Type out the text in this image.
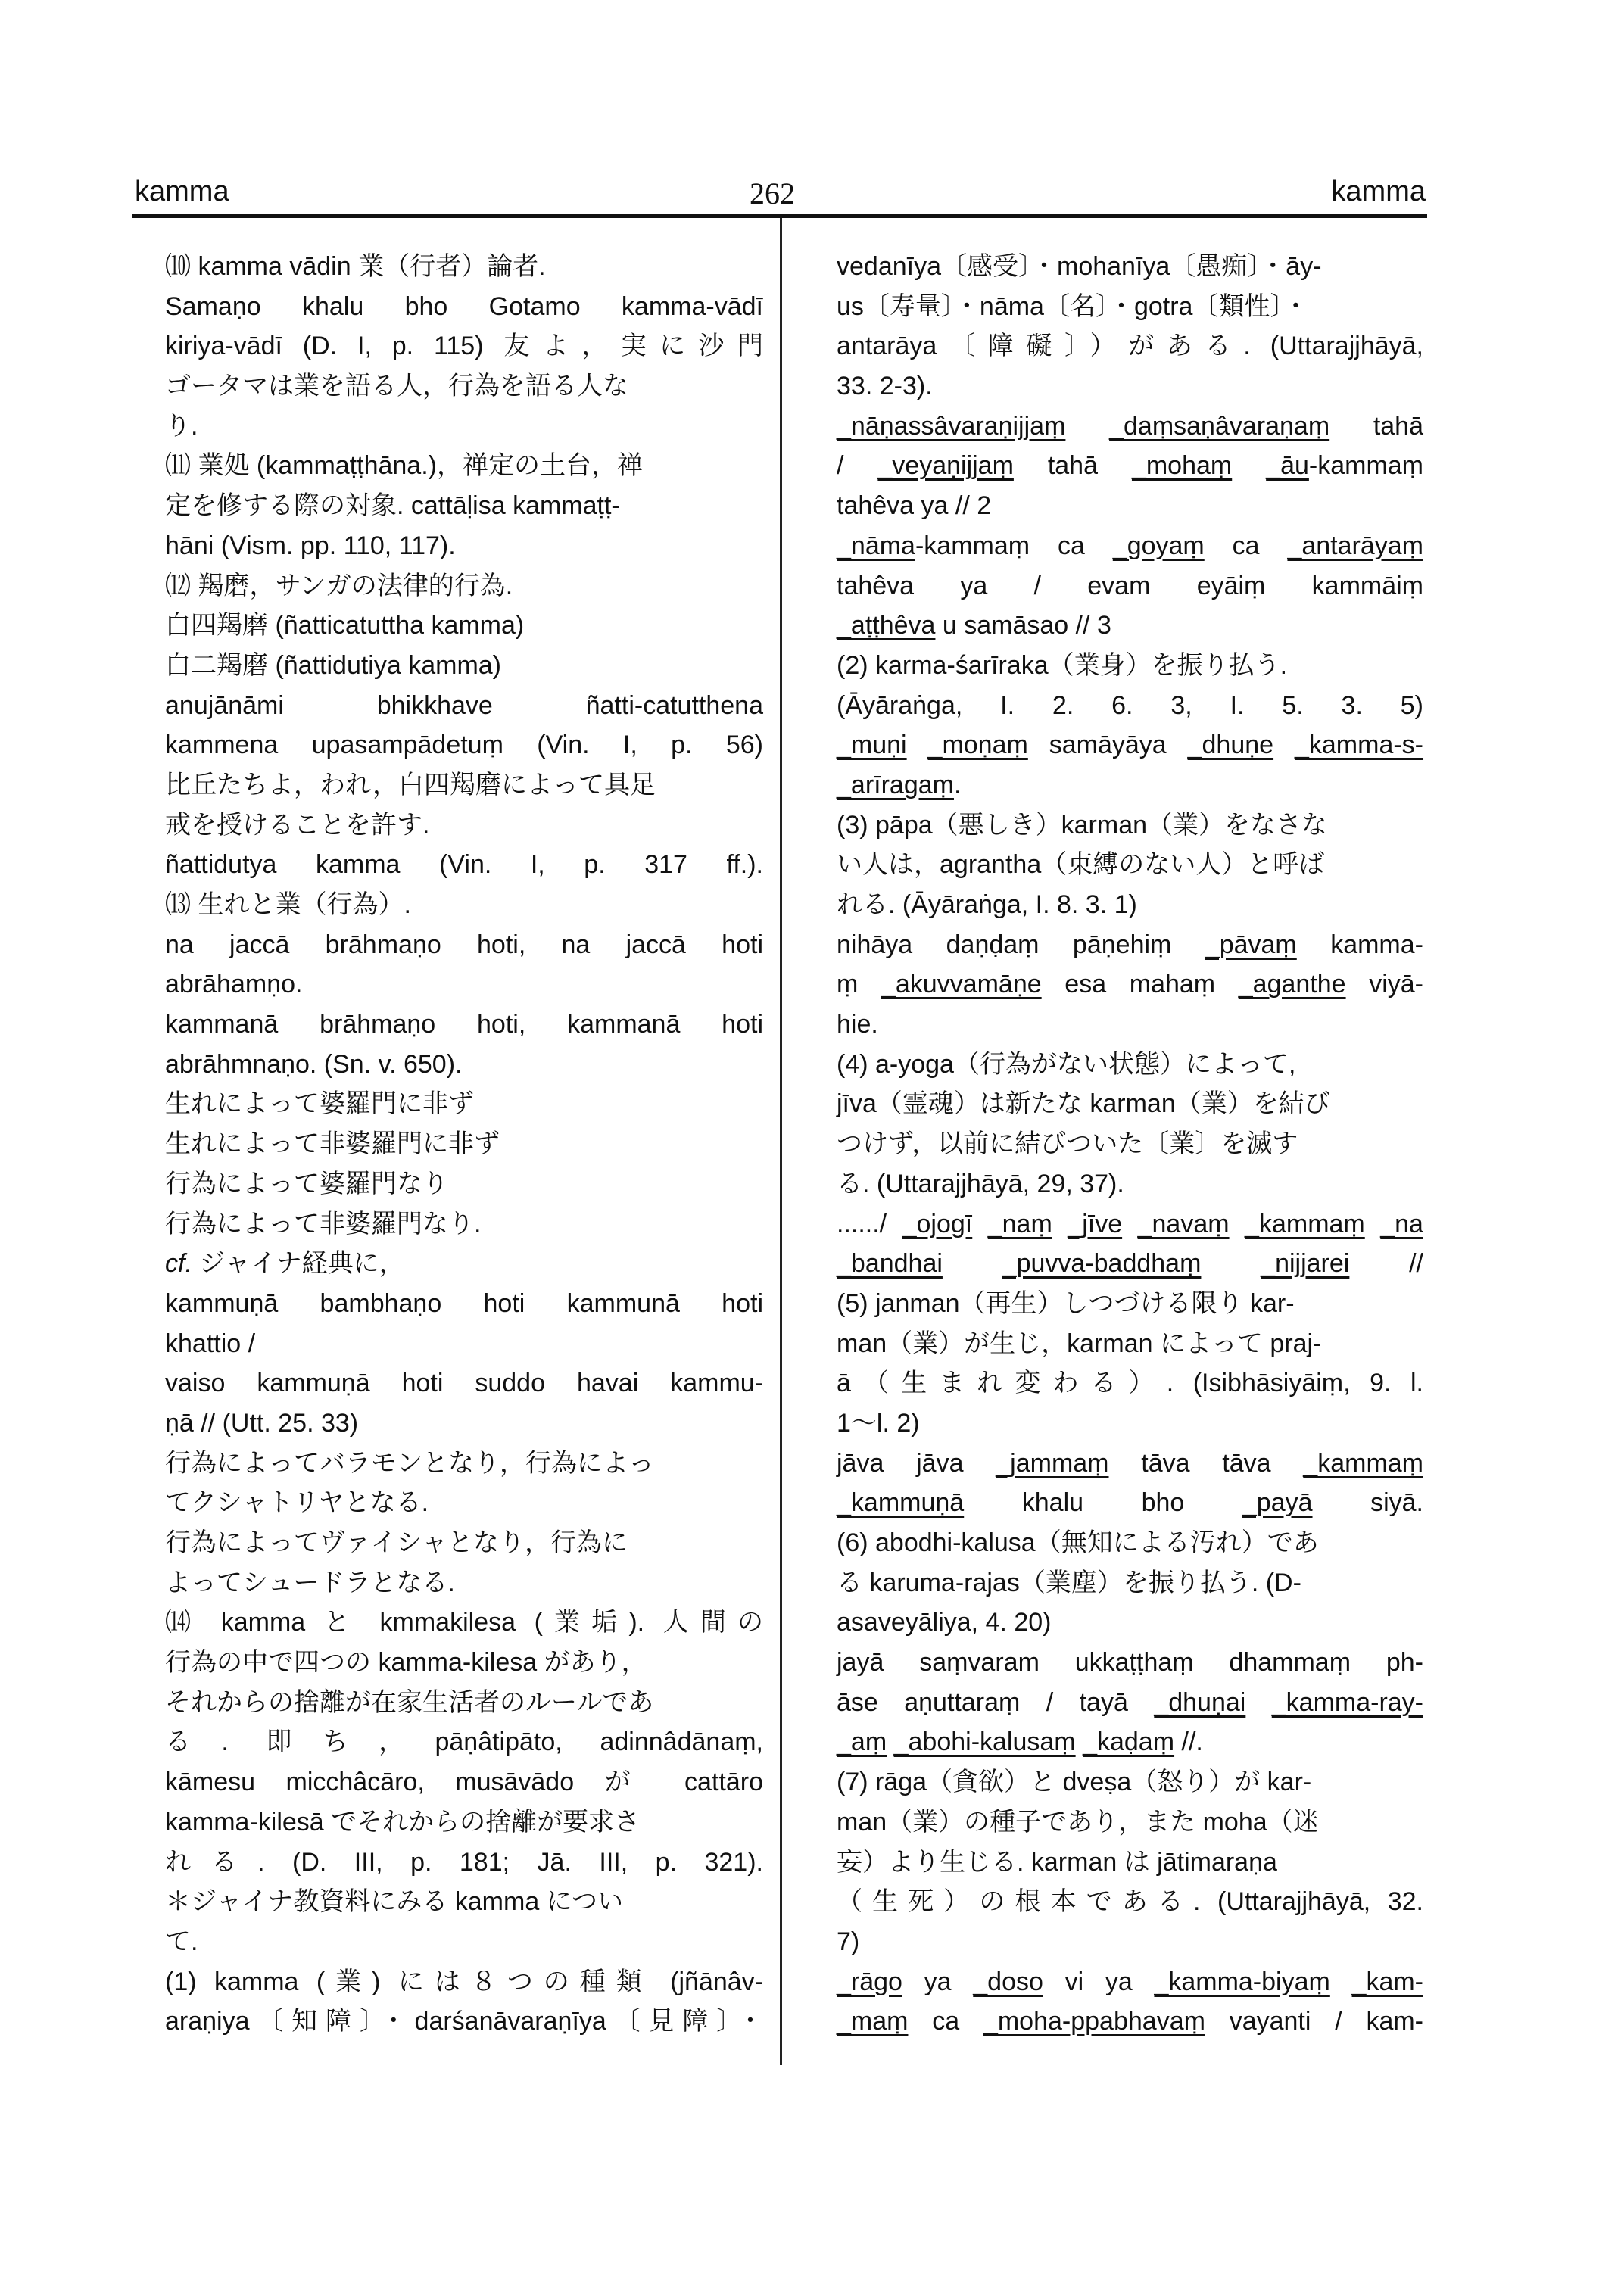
kamma	262	kamma
⑽ kamma vādin 業（行者）論者.
Samaṇo khalu bho Gotamo kamma-vādī
kiriya-vādī (D. I, p. 115) 友よ，実に沙門
ゴータマは業を語る人，行為を語る人な
り.
⑾ 業処 (kammaṭṭhāna.)，禅定の土台，禅
定を修する際の対象. cattāḷisa kammaṭṭ-
hāni (Vism. pp. 110, 117).
⑿ 羯磨，サンガの法律的行為.
白四羯磨 (ñatticatuttha kamma)
白二羯磨 (ñattidutiya kamma)
anujānāmi bhikkhave ñatti-catutthena
kammena upasampādetuṃ (Vin. I, p. 56)
比丘たちよ，われ，白四羯磨によって具足
戒を授けることを許す.
ñattidutya kamma (Vin. I, p. 317 ff.).
⒀ 生れと業（行為）.
na jaccā brāhmaṇo hoti, na jaccā hoti
abrāhamṇo.
kammanā brāhmaṇo hoti, kammanā hoti
abrāhmnaṇo. (Sn. v. 650).
生れによって婆羅門に非ず
生れによって非婆羅門に非ず
行為によって婆羅門なり
行為によって非婆羅門なり.
cf. ジャイナ経典に，
kammuṇā bambhaṇo hoti kammunā hoti
khattio /
vaiso kammuṇā hoti suddo havai kammu-
ṇā // (Utt. 25. 33)
行為によってバラモンとなり，行為によっ
てクシャトリヤとなる.
行為によってヴァイシャとなり，行為に
よってシュードラとなる.
⒁ kamma と kmmakilesa (業垢). 人間の
行為の中で四つの kamma-kilesa があり，
それからの捨離が在家生活者のルールであ
る. 即ち，pāṇâtipāto, adinnâdānaṃ,
kāmesu micchâcāro, musāvādo が cattāro
kamma-kilesā でそれからの捨離が要求さ
れる. (D. III, p. 181; Jā. III, p. 321).
＊ジャイナ教資料にみる kamma につい
て.
(1) kamma (業) には８つの種類 (jñānâv-
araṇiya〔知障〕・darśanāvaraṇīya〔見障〕・
vedanīya〔感受〕・mohanīya〔愚痴〕・āy-
us〔寿量〕・nāma〔名〕・gotra〔類性〕・
antarāya〔障礙〕）がある. (Uttarajjhāyā,
33. 2-3).
_nāṇassâvaraṇijjaṃ _daṃsaṇâvaraṇaṃ tahā
/ _veyaṇijjaṃ tahā _mohaṃ _āu-kammaṃ
tahêva ya // 2
_nāma-kammaṃ ca _goyaṃ ca _antarāyaṃ
tahêva ya / evam eyāiṃ kammāiṃ
_aṭṭhêva u samāsao // 3
(2) karma-śarīraka（業身）を振り払う.
(Āyāraṅga, I. 2. 6. 3, I. 5. 3. 5)
_muṇi _moṇaṃ samāyāya _dhuṇe _kamma-s-
_arīragaṃ.
(3) pāpa（悪しき）karman（業）をなさな
い人は，agrantha（束縛のない人）と呼ば
れる. (Āyāraṅga, I. 8. 3. 1)
nihāya daṇḍaṃ pāṇehiṃ _pāvaṃ kamma-
ṃ _akuvvamāṇe esa mahaṃ _aganthe viyā-
hie.
(4) a-yoga（行為がない状態）によって,
jīva（霊魂）は新たな karman（業）を結び
つけず，以前に結びついた〔業〕を滅す
る. (Uttarajjhāyā, 29, 37).
....../ _ojogī _naṃ _jīve _navaṃ _kammaṃ _na
_bandhai _puvva-baddhaṃ _nijjarei //
(5) janman（再生）しつづける限り kar-
man（業）が生じ，karman によって praj-
ā（生まれ変わる）. (Isibhāsiyāiṃ, 9. l.
1〜l. 2)
jāva jāva _jammaṃ tāva tāva _kammaṃ
_kammuṇā khalu bho _payā siyā.
(6) abodhi-kalusa（無知による汚れ）であ
る karuma-rajas（業塵）を振り払う. (D-
asaveyāliya, 4. 20)
jayā saṃvaram ukkaṭṭhaṃ dhammaṃ ph-
āse aṇuttaraṃ / tayā _dhuṇai _kamma-ray-
_aṃ _abohi-kalusaṃ _kaḍaṃ //.
(7) rāga（貪欲）と dveṣa（怒り）が kar-
man（業）の種子であり，また moha（迷
妄）より生じる. karman は jātimaraṇa
（生死）の根本である. (Uttarajjhāyā, 32.
7)
_rāgo ya _doso vi ya _kamma-biyaṃ _kam-
_maṃ ca _moha-ppabhavaṃ vayanti / kam-
